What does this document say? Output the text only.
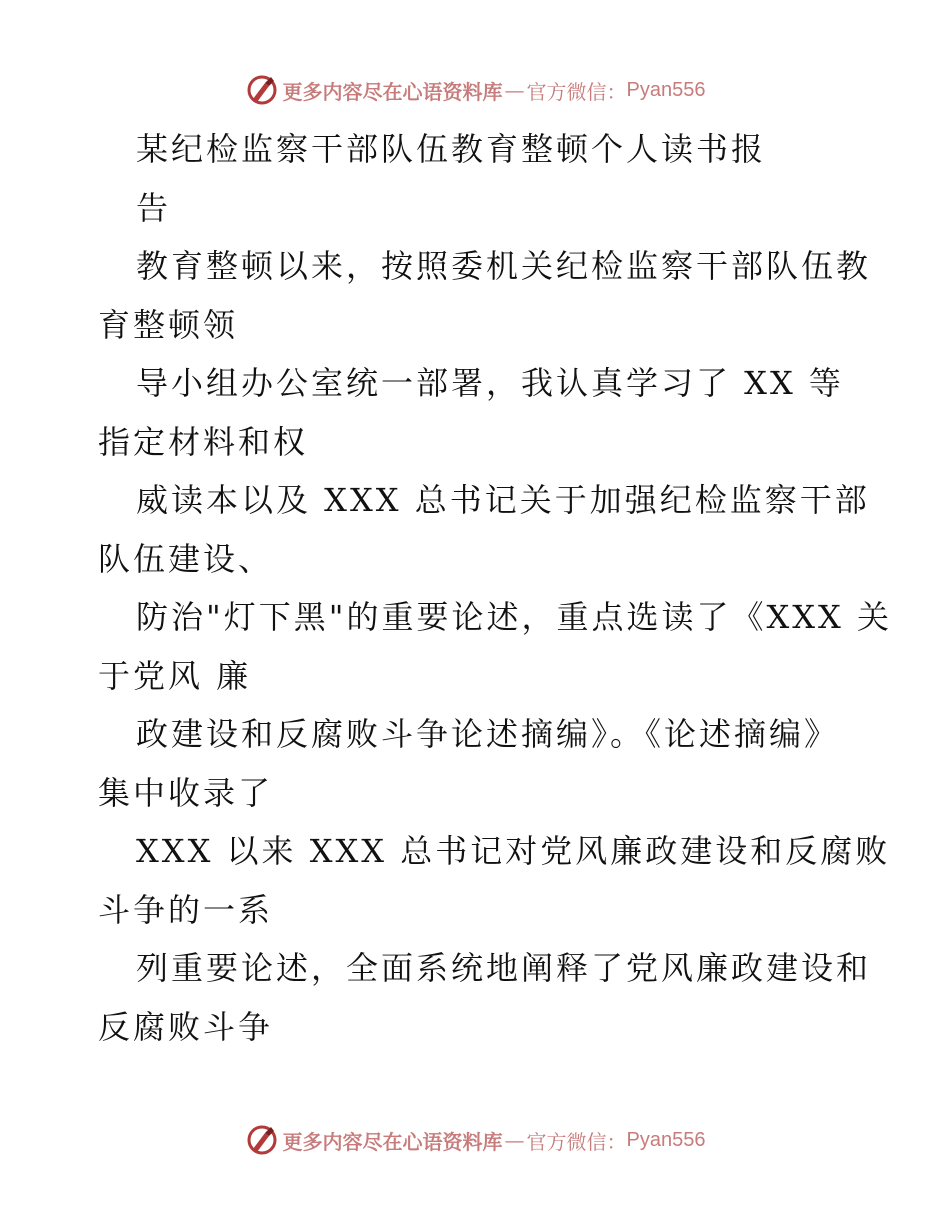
更多内容尽在心语资料库 — 官方微信： Pyan556
某纪检监察干部队伍教育整顿个人读书报
告
教育整顿以来，按照委机关纪检监察干部队伍教
育整顿领
导小组办公室统一部署，我认真学习了 XX 等
指定材料和权
威读本以及 XXX 总书记关于加强纪检监察干部
队伍建设、
防治"灯下黑"的重要论述，重点选读了《XXX 关
于党风 廉
政建设和反腐败斗争论述摘编》。《论述摘编》
集中收录了
XXX 以来 XXX 总书记对党风廉政建设和反腐败
斗争的一系
列重要论述，全面系统地阐释了党风廉政建设和
反腐败斗争
更多内容尽在心语资料库 — 官方微信： Pyan556
